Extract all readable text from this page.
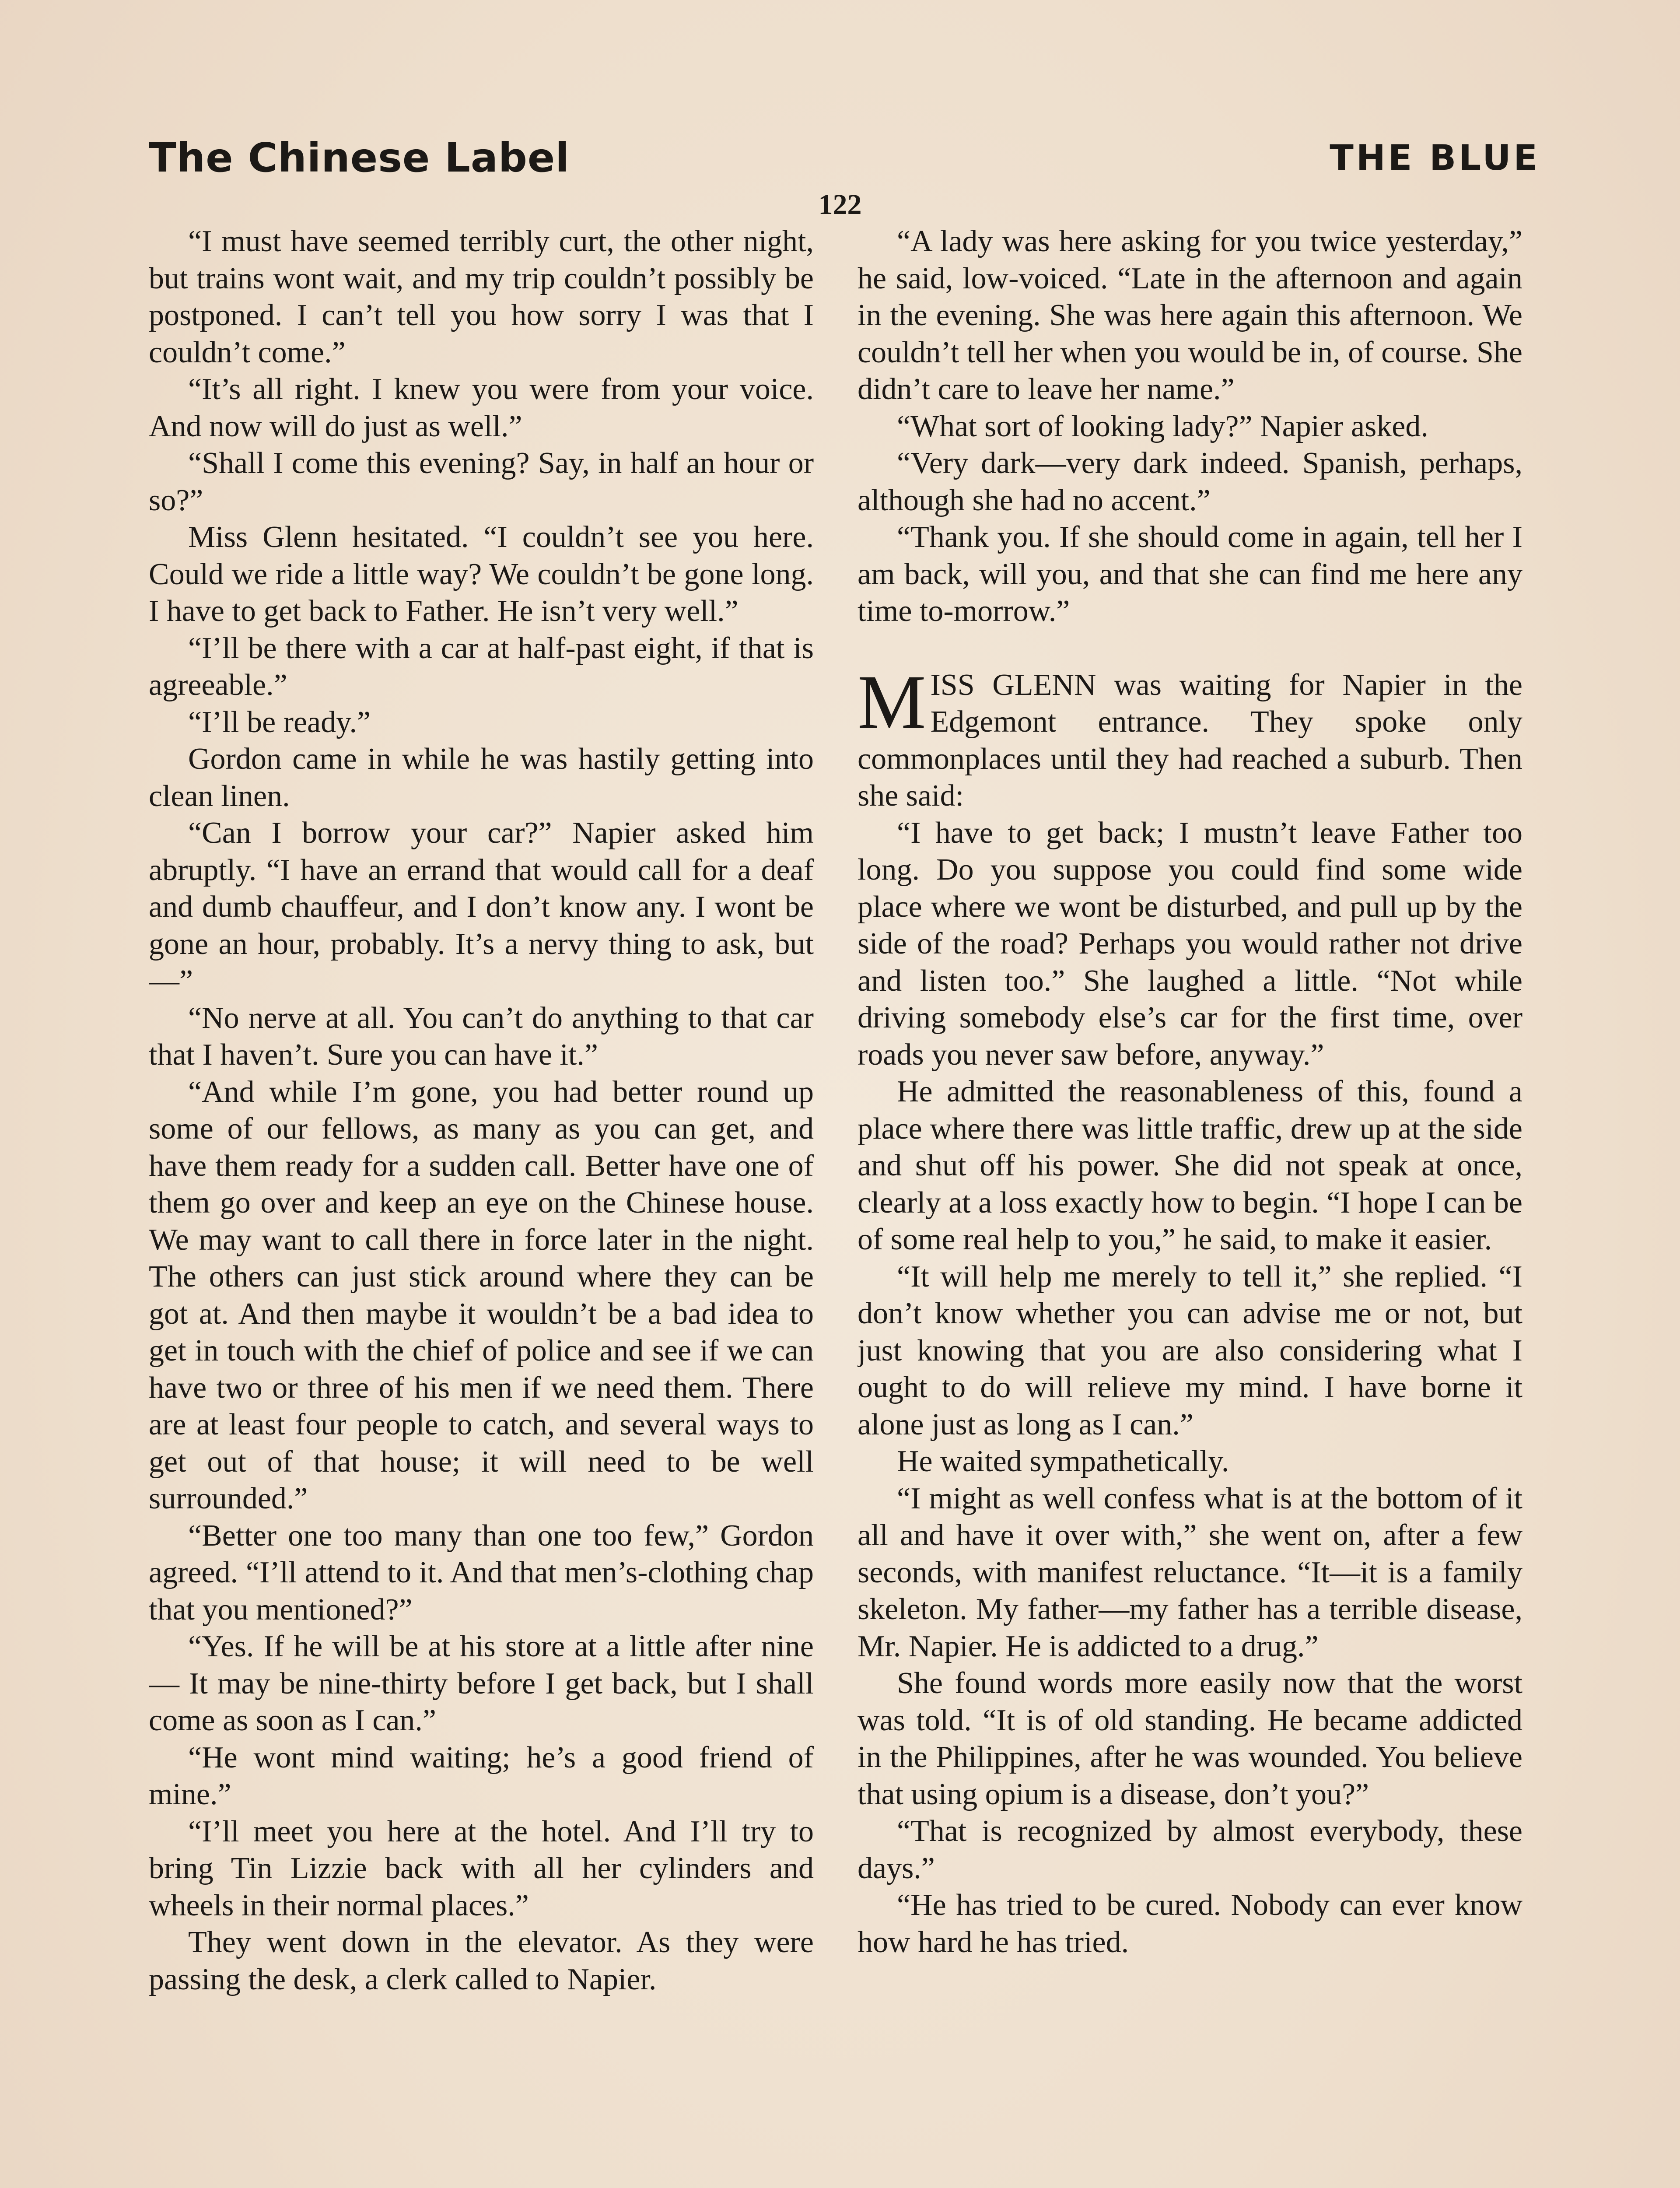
The Chinese Label	THE BLUE
122

“I must have seemed terribly curt, the other night, but trains wont wait, and my trip couldn’t possibly be postponed. I can’t tell you how sorry I was that I couldn’t come.”

“It’s all right. I knew you were from your voice. And now will do just as well.”

“Shall I come this evening? Say, in half an hour or so?”

Miss Glenn hesitated. “I couldn’t see you here. Could we ride a little way? We couldn’t be gone long. I have to get back to Father. He isn’t very well.”

“I’ll be there with a car at half-past eight, if that is agreeable.”

“I’ll be ready.”

Gordon came in while he was hastily getting into clean linen.

“Can I borrow your car?” Napier asked him abruptly. “I have an errand that would call for a deaf and dumb chauffeur, and I don’t know any. I wont be gone an hour, probably. It’s a nervy thing to ask, but—”

“No nerve at all. You can’t do anything to that car that I haven’t. Sure you can have it.”

“And while I’m gone, you had better round up some of our fellows, as many as you can get, and have them ready for a sudden call. Better have one of them go over and keep an eye on the Chinese house. We may want to call there in force later in the night. The others can just stick around where they can be got at. And then maybe it wouldn’t be a bad idea to get in touch with the chief of police and see if we can have two or three of his men if we need them. There are at least four people to catch, and several ways to get out of that house; it will need to be well surrounded.”

“Better one too many than one too few,” Gordon agreed. “I’ll attend to it. And that men’s-clothing chap that you mentioned?”

“Yes. If he will be at his store at a little after nine— It may be nine-thirty before I get back, but I shall come as soon as I can.”

“He wont mind waiting; he’s a good friend of mine.”

“I’ll meet you here at the hotel. And I’ll try to bring Tin Lizzie back with all her cylinders and wheels in their normal places.”

They went down in the elevator. As they were passing the desk, a clerk called to Napier.

“A lady was here asking for you twice yesterday,” he said, low-voiced. “Late in the afternoon and again in the evening. She was here again this afternoon. We couldn’t tell her when you would be in, of course. She didn’t care to leave her name.”

“What sort of looking lady?” Napier asked.

“Very dark—very dark indeed. Spanish, perhaps, although she had no accent.”

“Thank you. If she should come in again, tell her I am back, will you, and that she can find me here any time to-morrow.”

MISS GLENN was waiting for Napier in the Edgemont entrance. They spoke only commonplaces until they had reached a suburb. Then she said:

“I have to get back; I mustn’t leave Father too long. Do you suppose you could find some wide place where we wont be disturbed, and pull up by the side of the road? Perhaps you would rather not drive and listen too.” She laughed a little. “Not while driving somebody else’s car for the first time, over roads you never saw before, anyway.”

He admitted the reasonableness of this, found a place where there was little traffic, drew up at the side and shut off his power. She did not speak at once, clearly at a loss exactly how to begin. “I hope I can be of some real help to you,” he said, to make it easier.

“It will help me merely to tell it,” she replied. “I don’t know whether you can advise me or not, but just knowing that you are also considering what I ought to do will relieve my mind. I have borne it alone just as long as I can.”

He waited sympathetically.

“I might as well confess what is at the bottom of it all and have it over with,” she went on, after a few seconds, with manifest reluctance. “It—it is a family skeleton. My father—my father has a terrible disease, Mr. Napier. He is addicted to a drug.”

She found words more easily now that the worst was told. “It is of old standing. He became addicted in the Philippines, after he was wounded. You believe that using opium is a disease, don’t you?”

“That is recognized by almost everybody, these days.”

“He has tried to be cured. Nobody can ever know how hard he has tried.
